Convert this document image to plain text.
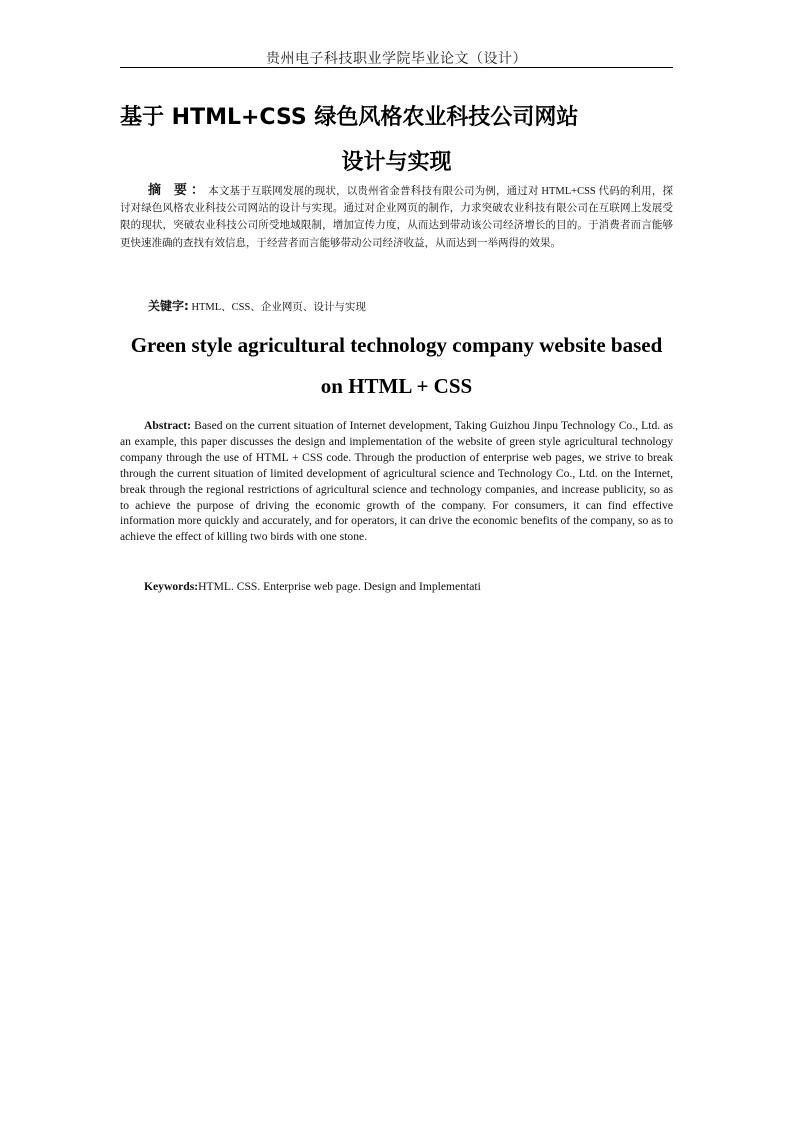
贵州电子科技职业学院毕业论文（设计）
基于 HTML+CSS 绿色风格农业科技公司网站
设计与实现

摘 要：本文基于互联网发展的现状，以贵州省金普科技有限公司为例，通过对 HTML+CSS 代码的利用，探讨对绿色风格农业科技公司网站的设计与实现。通过对企业网页的制作，力求突破农业科技有限公司在互联网上发展受限的现状，突破农业科技公司所受地域限制，增加宣传力度，从而达到带动该公司经济增长的目的。于消费者而言能够更快速准确的查找有效信息，于经营者而言能够带动公司经济收益，从而达到一举两得的效果。

关键字: HTML、CSS、企业网页、设计与实现
Green style agricultural technology company website based
on HTML + CSS

Abstract: Based on the current situation of Internet development, Taking Guizhou Jinpu Technology Co., Ltd. as an example, this paper discusses the design and implementation of the website of green style agricultural technology company through the use of HTML + CSS code. Through the production of enterprise web pages, we strive to break through the current situation of limited development of agricultural science and Technology Co., Ltd. on the Internet, break through the regional restrictions of agricultural science and technology companies, and increase publicity, so as to achieve the purpose of driving the economic growth of the company. For consumers, it can find effective information more quickly and accurately, and for operators, it can drive the economic benefits of the company, so as to achieve the effect of killing two birds with one stone.

Keywords:HTML. CSS. Enterprise web page. Design and Implementati
